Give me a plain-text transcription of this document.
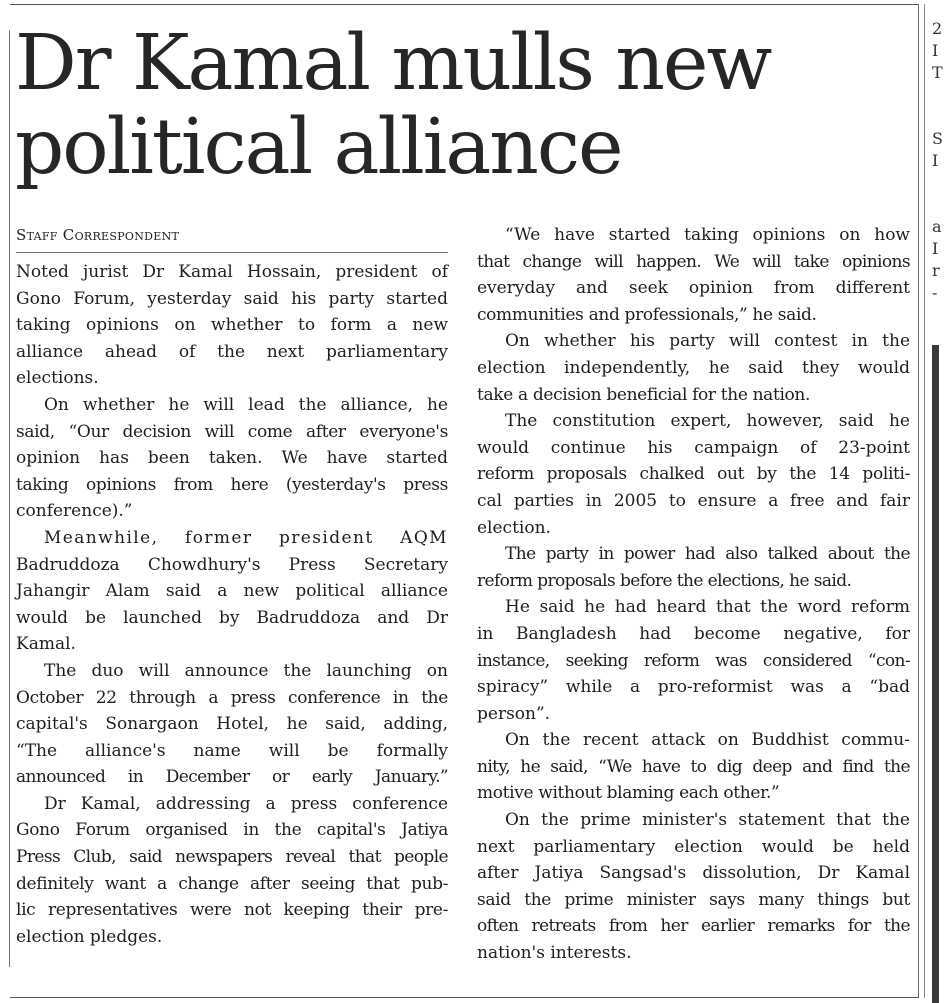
2
I
T
S
I
a
I
r
-
Dr Kamal mulls new
political alliance
Staff Correspondent

Noted jurist Dr Kamal Hossain, president of

Gono Forum, yesterday said his party started

taking opinions on whether to form a new

alliance ahead of the next parliamentary

elections.

On whether he will lead the alliance, he

said, “Our decision will come after everyone's

opinion has been taken. We have started

taking opinions from here (yesterday's press

conference).”

Meanwhile, former president AQM

Badruddoza Chowdhury's Press Secretary

Jahangir Alam said a new political alliance

would be launched by Badruddoza and Dr

Kamal.

The duo will announce the launching on

October 22 through a press conference in the

capital's Sonargaon Hotel, he said, adding,

“The alliance's name will be formally

announced in December or early January.”

Dr Kamal, addressing a press conference

Gono Forum organised in the capital's Jatiya

Press Club, said newspapers reveal that people

definitely want a change after seeing that pub-

lic representatives were not keeping their pre-

election pledges.

“We have started taking opinions on how

that change will happen. We will take opinions

everyday and seek opinion from different

communities and professionals,” he said.

On whether his party will contest in the

election independently, he said they would

take a decision beneficial for the nation.

The constitution expert, however, said he

would continue his campaign of 23-point

reform proposals chalked out by the 14 politi-

cal parties in 2005 to ensure a free and fair

election.

The party in power had also talked about the

reform proposals before the elections, he said.

He said he had heard that the word reform

in Bangladesh had become negative, for

instance, seeking reform was considered “con-

spiracy” while a pro-reformist was a “bad

person”.

On the recent attack on Buddhist commu-

nity, he said, “We have to dig deep and find the

motive without blaming each other.”

On the prime minister's statement that the

next parliamentary election would be held

after Jatiya Sangsad's dissolution, Dr Kamal

said the prime minister says many things but

often retreats from her earlier remarks for the

nation's interests.
